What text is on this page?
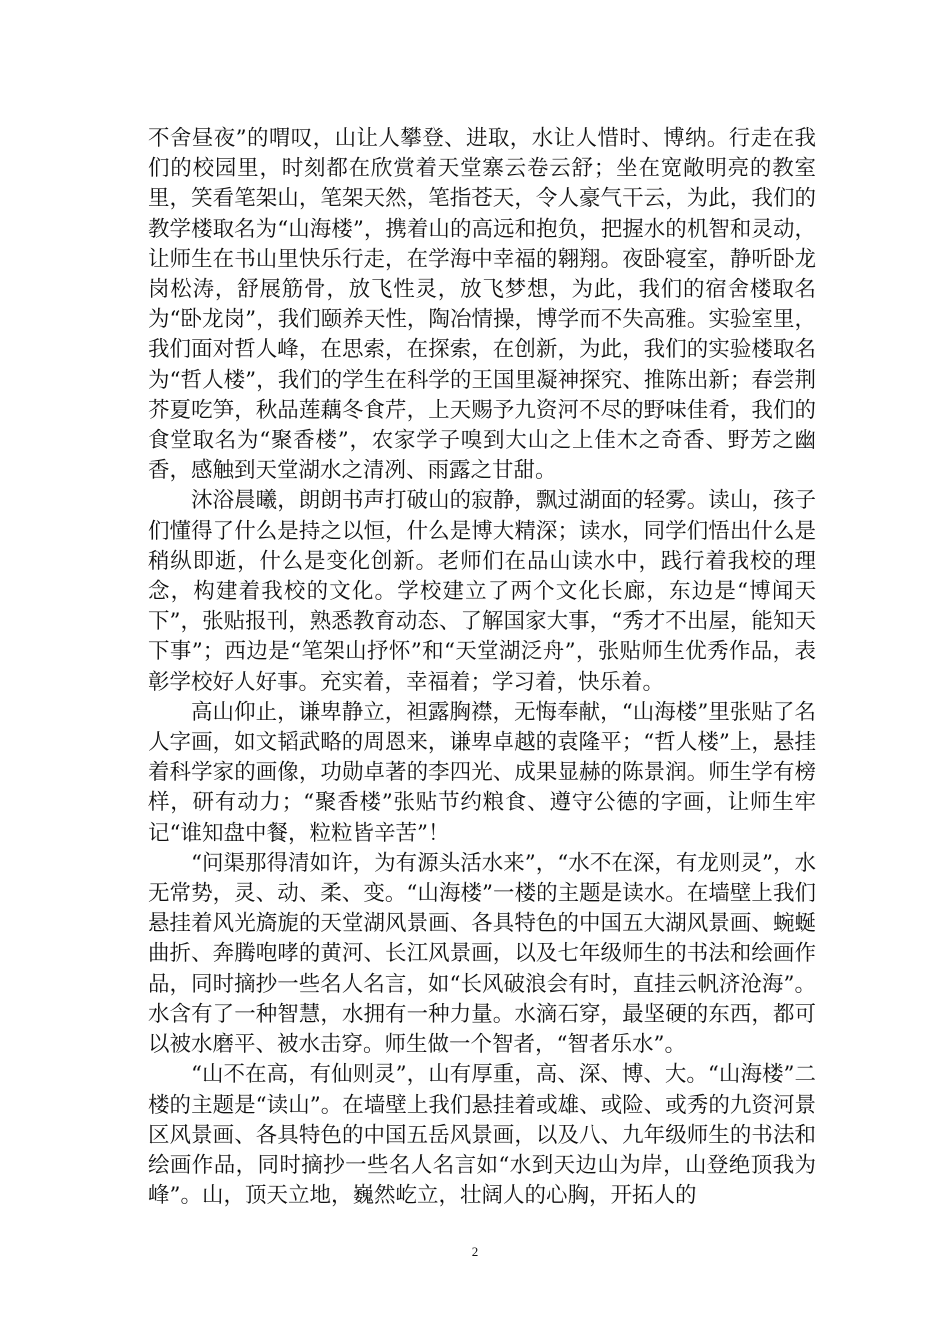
不舍昼夜”的喟叹，山让人攀登、进取，水让人惜时、博纳。行走在我们的校园里，时刻都在欣赏着天堂寨云卷云舒；坐在宽敞明亮的教室里，笑看笔架山，笔架天然，笔指苍天，令人豪气干云，为此，我们的教学楼取名为“山海楼”，携着山的高远和抱负，把握水的机智和灵动，让师生在书山里快乐行走，在学海中幸福的翱翔。夜卧寝室，静听卧龙岗松涛，舒展筋骨，放飞性灵，放飞梦想，为此，我们的宿舍楼取名为“卧龙岗”，我们颐养天性，陶冶情操，博学而不失高雅。实验室里，我们面对哲人峰，在思索，在探索，在创新，为此，我们的实验楼取名为“哲人楼”，我们的学生在科学的王国里凝神探究、推陈出新；春尝荆芥夏吃笋，秋品莲藕冬食芹，上天赐予九资河不尽的野味佳肴，我们的食堂取名为“聚香楼”，农家学子嗅到大山之上佳木之奇香、野芳之幽香，感触到天堂湖水之清冽、雨露之甘甜。

沐浴晨曦，朗朗书声打破山的寂静，飘过湖面的轻雾。读山，孩子们懂得了什么是持之以恒，什么是博大精深；读水，同学们悟出什么是稍纵即逝，什么是变化创新。老师们在品山读水中，践行着我校的理念，构建着我校的文化。学校建立了两个文化长廊，东边是“博闻天下”，张贴报刊，熟悉教育动态、了解国家大事，“秀才不出屋，能知天下事”；西边是“笔架山抒怀”和“天堂湖泛舟”，张贴师生优秀作品，表彰学校好人好事。充实着，幸福着；学习着，快乐着。

高山仰止，谦卑静立，袒露胸襟，无悔奉献，“山海楼”里张贴了名人字画，如文韬武略的周恩来，谦卑卓越的袁隆平；“哲人楼”上，悬挂着科学家的画像，功勋卓著的李四光、成果显赫的陈景润。师生学有榜样，研有动力；“聚香楼”张贴节约粮食、遵守公德的字画，让师生牢记“谁知盘中餐，粒粒皆辛苦”！

“问渠那得清如许，为有源头活水来”，“水不在深，有龙则灵”，水无常势，灵、动、柔、变。“山海楼”一楼的主题是读水。在墙壁上我们悬挂着风光旖旎的天堂湖风景画、各具特色的中国五大湖风景画、蜿蜒曲折、奔腾咆哮的黄河、长江风景画，以及七年级师生的书法和绘画作品，同时摘抄一些名人名言，如“长风破浪会有时，直挂云帆济沧海”。水含有了一种智慧，水拥有一种力量。水滴石穿，最坚硬的东西，都可以被水磨平、被水击穿。师生做一个智者，“智者乐水”。

“山不在高，有仙则灵”，山有厚重，高、深、博、大。“山海楼”二楼的主题是“读山”。在墙壁上我们悬挂着或雄、或险、或秀的九资河景区风景画、各具特色的中国五岳风景画，以及八、九年级师生的书法和绘画作品，同时摘抄一些名人名言如“水到天边山为岸，山登绝顶我为峰”。山，顶天立地，巍然屹立，壮阔人的心胸，开拓人的

2
